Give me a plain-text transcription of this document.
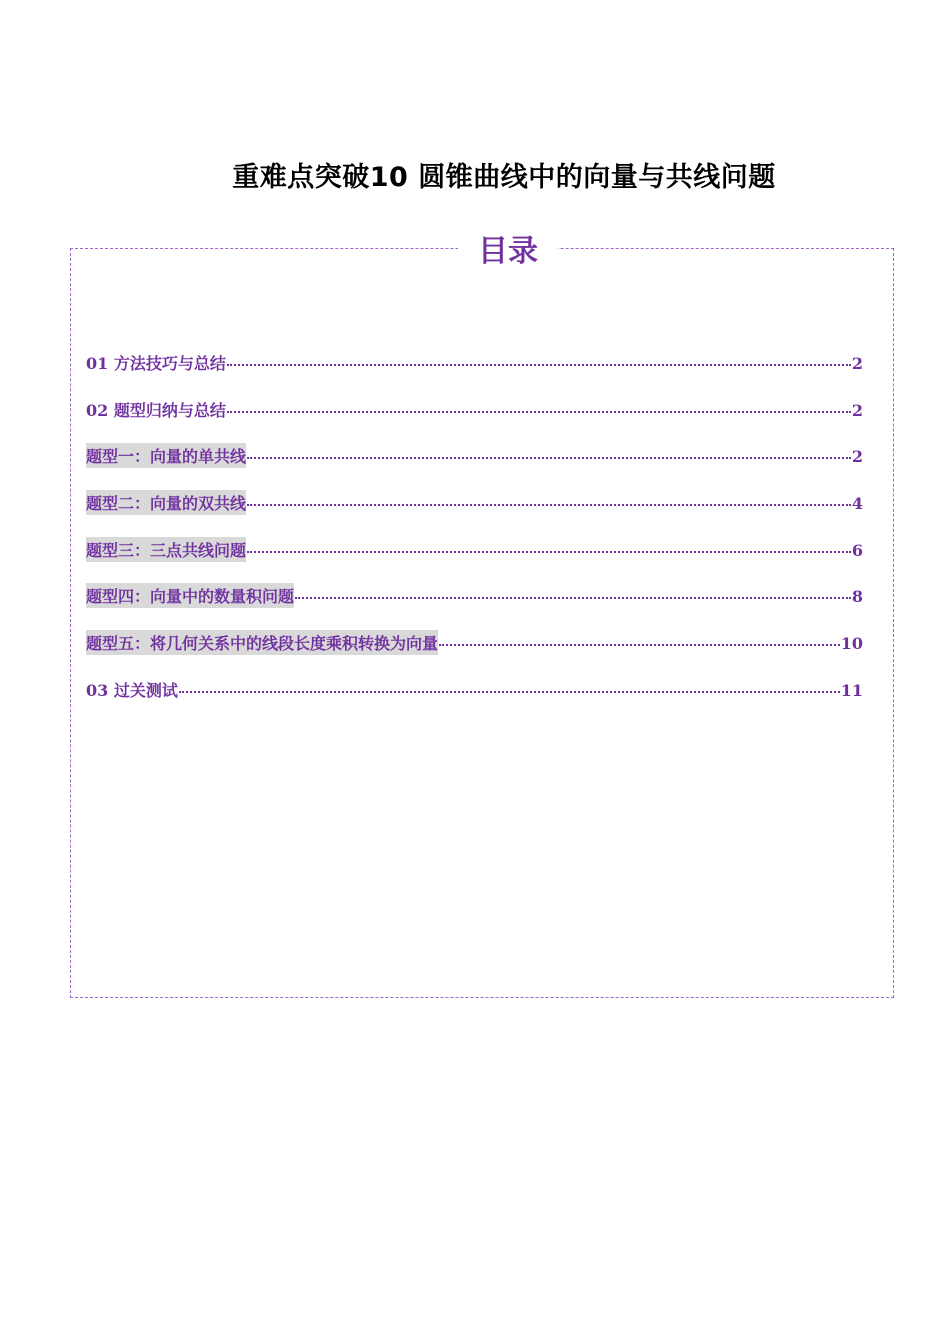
重难点突破10 圆锥曲线中的向量与共线问题
目录
01 方法技巧与总结	2
02 题型归纳与总结	2
题型一：向量的单共线	2
题型二：向量的双共线	4
题型三：三点共线问题	6
题型四：向量中的数量积问题	8
题型五：将几何关系中的线段长度乘积转换为向量	10
03 过关测试	11
